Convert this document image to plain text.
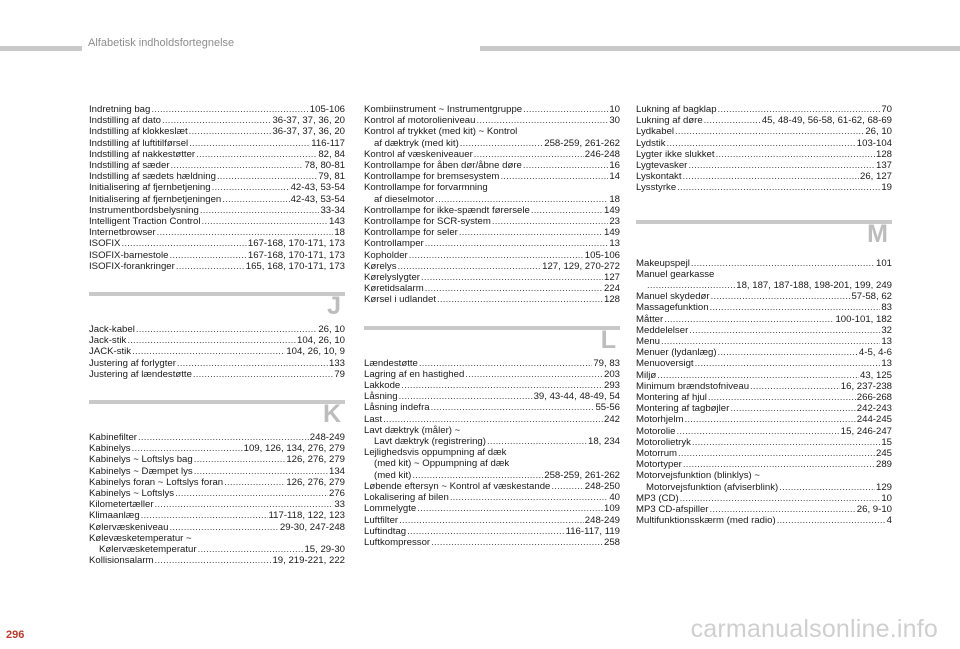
Alfabetisk indholdsfortegnelse
Indretning bag .....	105-106
Indstilling af dato .....	36-37, 37, 36, 20
Indstilling af klokkeslæt .....	36-37, 37, 36, 20
Indstilling af luftitilførsel .....	116-117
Indstilling af nakkestøtter .....	82, 84
Indstilling af sæder .....	78, 80-81
Indstilling af sædets hældning .....	79, 81
Initialisering af fjernbetjening .....	42-43, 53-54
Initialisering af fjernbetjeningen .....	42-43, 53-54
Instrumentbordsbelysning .....	33-34
Intelligent Traction Control .....	143
Internetbrowser .....	18
ISOFIX .....	167-168, 170-171, 173
ISOFIX-barnestole .....	167-168, 170-171, 173
ISOFIX-forankringer .....	165, 168, 170-171, 173
J
Jack-kabel .....	26, 10
Jack-stik .....	104, 26, 10
JACK-stik .....	104, 26, 10, 9
Justering af forlygter .....	133
Justering af lændestøtte .....	79
K
Kabinefilter .....	248-249
Kabinelys .....	109, 126, 134, 276, 279
Kabinelys ~ Loftslys bag .....	126, 276, 279
Kabinelys ~ Dæmpet lys .....	134
Kabinelys foran ~ Loftslys foran .....	126, 276, 279
Kabinelys ~ Loftslys .....	276
Kilometertæller .....	33
Klimaanlæg .....	117-118, 122, 123
Kølervæskeniveau .....	29-30, 247-248
Kølevæsketemperatur ~
Kølervæsketemperatur .....	15, 29-30
Kollisionsalarm .....	19, 219-221, 222
Kombiinstrument ~ Instrumentgruppe .....	10
Kontrol af motorolieniveau .....	30
Kontrol af trykket (med kit) ~ Kontrol
af dæktryk (med kit) .....	258-259, 261-262
Kontrol af væskeniveauer .....	246-248
Kontrollampe for åben dør/åbne døre .....	16
Kontrollampe for bremsesystem .....	14
Kontrollampe for forvarmning
af dieselmotor .....	18
Kontrollampe for ikke-spændt førersele .....	149
Kontrollampe for SCR-system .....	23
Kontrollampe for seler .....	149
Kontrollamper .....	13
Kopholder .....	105-106
Kørelys .....	127, 129, 270-272
Kørelyslygter .....	127
Køretidsalarm .....	224
Kørsel i udlandet .....	128
L
Lændestøtte .....	79, 83
Lagring af en hastighed .....	203
Lakkode .....	293
Låsning .....	39, 43-44, 48-49, 54
Låsning indefra .....	55-56
Last .....	242
Lavt dæktryk (måler) ~
Lavt dæktryk (registrering) .....	18, 234
Lejlighedsvis oppumpning af dæk
(med kit) ~ Oppumpning af dæk
(med kit) .....	258-259, 261-262
Løbende eftersyn ~ Kontrol af væskestande .....	248-250
Lokalisering af bilen .....	40
Lommelygte .....	109
Luftfilter .....	248-249
Luftindtag .....	116-117, 119
Luftkompressor .....	258
Lukning af bagklap .....	70
Lukning af døre .....	45, 48-49, 56-58, 61-62, 68-69
Lydkabel .....	26, 10
Lydstik .....	103-104
Lygter ikke slukket .....	128
Lygtevasker .....	137
Lyskontakt .....	26, 127
Lysstyrke .....	19
M
Makeupspejl .....	101
Manuel gearkasse
.....
18, 187, 187-188, 198-201, 199, 249
Manuel skydedør .....	57-58, 62
Massagefunktion .....	83
Måtter .....	100-101, 182
Meddelelser .....	32
Menu .....	13
Menuer (lydanlæg) .....	4-5, 4-6
Menuoversigt .....	13
Miljø .....	43, 125
Minimum brændstofniveau .....	16, 237-238
Montering af hjul .....	266-268
Montering af tagbøjler .....	242-243
Motorhjelm .....	244-245
Motorolie .....	15, 246-247
Motorolietryk .....	15
Motorrum .....	245
Motortyper .....	289
Motorvejsfunktion (blinklys) ~
Motorvejsfunktion (afviserblink) .....	129
MP3 (CD) .....	10
MP3 CD-afspiller .....	26, 9-10
Multifunktionsskærm (med radio) .....	4
296	carmanualsonline.info
